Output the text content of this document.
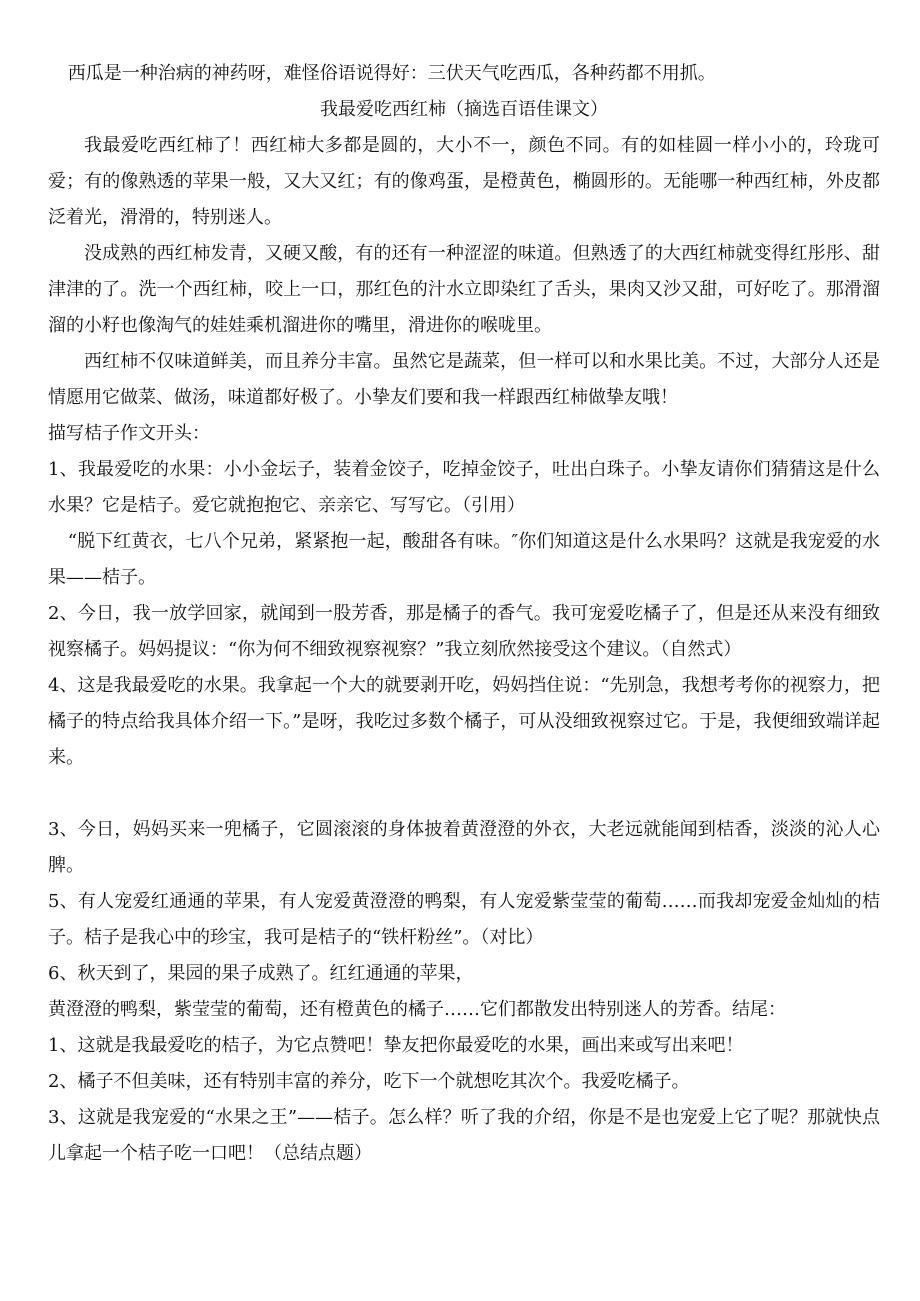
西瓜是一种治病的神药呀，难怪俗语说得好：三伏天气吃西瓜，各种药都不用抓。

我最爱吃西红柿（摘选百语佳课文）

我最爱吃西红柿了！西红柿大多都是圆的，大小不一，颜色不同。有的如桂圆一样小小的，玲珑可爱；有的像熟透的苹果一般，又大又红；有的像鸡蛋，是橙黄色，椭圆形的。无能哪一种西红柿，外皮都泛着光，滑滑的，特别迷人。

没成熟的西红柿发青，又硬又酸，有的还有一种涩涩的味道。但熟透了的大西红柿就变得红彤彤、甜津津的了。洗一个西红柿，咬上一口，那红色的汁水立即染红了舌头，果肉又沙又甜，可好吃了。那滑溜溜的小籽也像淘气的娃娃乘机溜进你的嘴里，滑进你的喉咙里。

西红柿不仅味道鲜美，而且养分丰富。虽然它是蔬菜，但一样可以和水果比美。不过，大部分人还是情愿用它做菜、做汤，味道都好极了。小挚友们要和我一样跟西红柿做挚友哦！

描写桔子作文开头：

1、我最爱吃的水果：小小金坛子，装着金饺子，吃掉金饺子，吐出白珠子。小挚友请你们猜猜这是什么水果？它是桔子。爱它就抱抱它、亲亲它、写写它。（引用）

“脱下红黄衣，七八个兄弟，紧紧抱一起，酸甜各有味。″你们知道这是什么水果吗？这就是我宠爱的水果——桔子。

2、今日，我一放学回家，就闻到一股芳香，那是橘子的香气。我可宠爱吃橘子了，但是还从来没有细致视察橘子。妈妈提议：“你为何不细致视察视察？”我立刻欣然接受这个建议。（自然式）

4、这是我最爱吃的水果。我拿起一个大的就要剥开吃，妈妈挡住说：“先别急，我想考考你的视察力，把橘子的特点给我具体介绍一下。”是呀，我吃过多数个橘子，可从没细致视察过它。于是，我便细致端详起来。

3、今日，妈妈买来一兜橘子，它圆滚滚的身体披着黄澄澄的外衣，大老远就能闻到桔香，淡淡的沁人心脾。

5、有人宠爱红通通的苹果，有人宠爱黄澄澄的鸭梨，有人宠爱紫莹莹的葡萄……而我却宠爱金灿灿的桔子。桔子是我心中的珍宝，我可是桔子的“铁杆粉丝”。（对比）

6、秋天到了，果园的果子成熟了。红红通通的苹果，

黄澄澄的鸭梨，紫莹莹的葡萄，还有橙黄色的橘子……它们都散发出特别迷人的芳香。结尾：

1、这就是我最爱吃的桔子，为它点赞吧！挚友把你最爱吃的水果，画出来或写出来吧！

2、橘子不但美味，还有特别丰富的养分，吃下一个就想吃其次个。我爱吃橘子。

3、这就是我宠爱的“水果之王”——桔子。怎么样？听了我的介绍，你是不是也宠爱上它了呢？那就快点儿拿起一个桔子吃一口吧！（总结点题）
